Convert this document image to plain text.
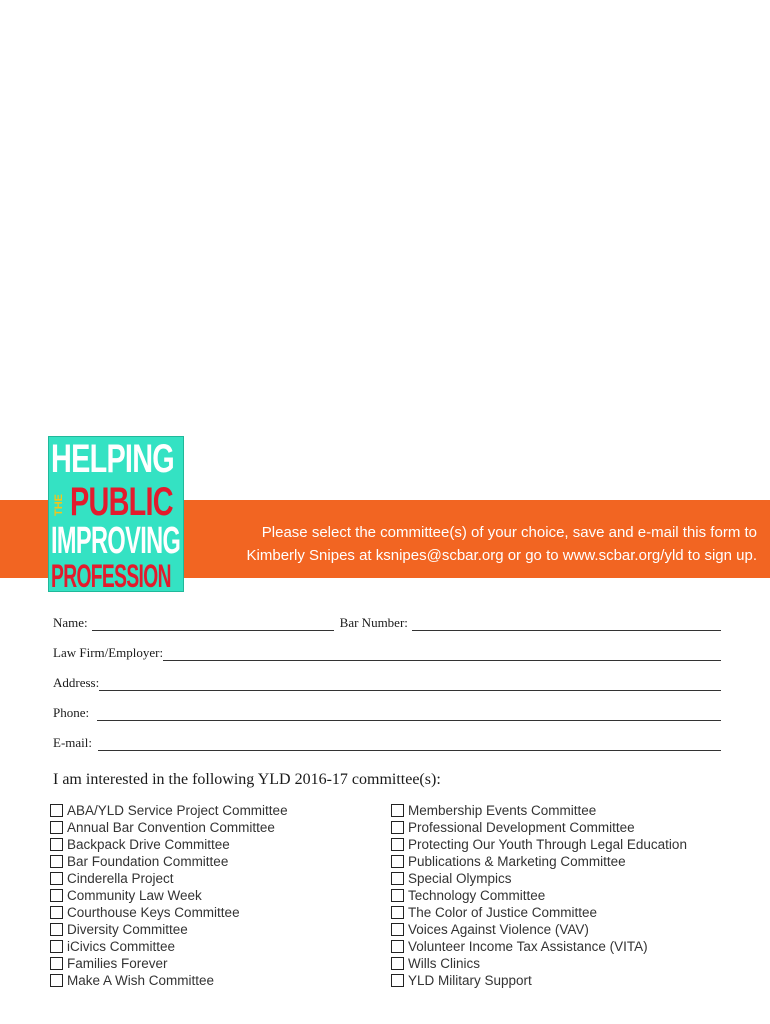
Please select the committee(s) of your choice, save and e-mail this form to
Kimberly Snipes at ksnipes@scbar.org or go to www.scbar.org/yld to sign up.
HELPING
THE PUBLIC
IMPROVING
PROFESSION
Name:	Bar Number:
Law Firm/Employer:
Address:
Phone:
E-mail:
I am interested in the following YLD 2016-17 committee(s):
ABA/YLD Service Project Committee
Annual Bar Convention Committee
Backpack Drive Committee
Bar Foundation Committee
Cinderella Project
Community Law Week
Courthouse Keys Committee
Diversity Committee
iCivics Committee
Families Forever
Make A Wish Committee
Membership Events Committee
Professional Development Committee
Protecting Our Youth Through Legal Education
Publications & Marketing Committee
Special Olympics
Technology Committee
The Color of Justice Committee
Voices Against Violence (VAV)
Volunteer Income Tax Assistance (VITA)
Wills Clinics
YLD Military Support
